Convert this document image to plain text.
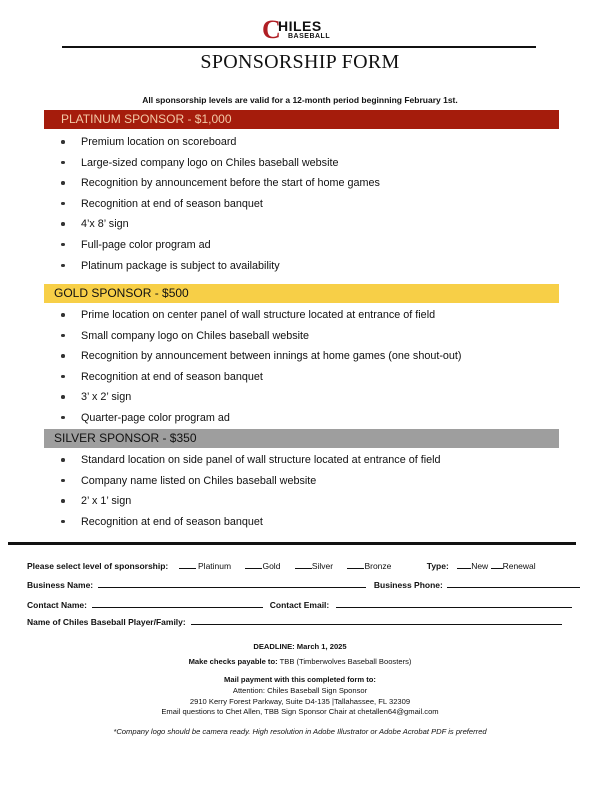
C
HILES
BASEBALL
SPONSORSHIP FORM
All sponsorship levels are valid for a 12-month period beginning February 1st.
PLATINUM SPONSOR - $1,000
Premium location on scoreboard
Large-sized company logo on Chiles baseball website
Recognition by announcement before the start of home games
Recognition at end of season banquet
4’x 8’ sign
Full-page color program ad
Platinum package is subject to availability
GOLD SPONSOR - $500
Prime location on center panel of wall structure located at entrance of field
Small company logo on Chiles baseball website
Recognition by announcement between innings at home games (one shout-out)
Recognition at end of season banquet
3’ x 2’ sign
Quarter-page color program ad
SILVER SPONSOR - $350
Standard location on side panel of wall structure located at entrance of field
Company name listed on Chiles baseball website
2’ x 1’ sign
Recognition at end of season banquet
Please select level of sponsorship:	Platinum	Gold	Silver	Bronze	Type:	New Renewal
Business Name:	Business Phone:
Contact Name:	Contact Email:
Name of Chiles Baseball Player/Family:
DEADLINE: March 1, 2025
Make checks payable to: TBB (Timberwolves Baseball Boosters)
Mail payment with this completed form to:
Attention: Chiles Baseball Sign Sponsor
2910 Kerry Forest Parkway, Suite D4-135 |Tallahassee, FL 32309
Email questions to Chet Allen, TBB Sign Sponsor Chair at chetallen64@gmail.com
*Company logo should be camera ready. High resolution in Adobe Illustrator or Adobe Acrobat PDF is preferred
